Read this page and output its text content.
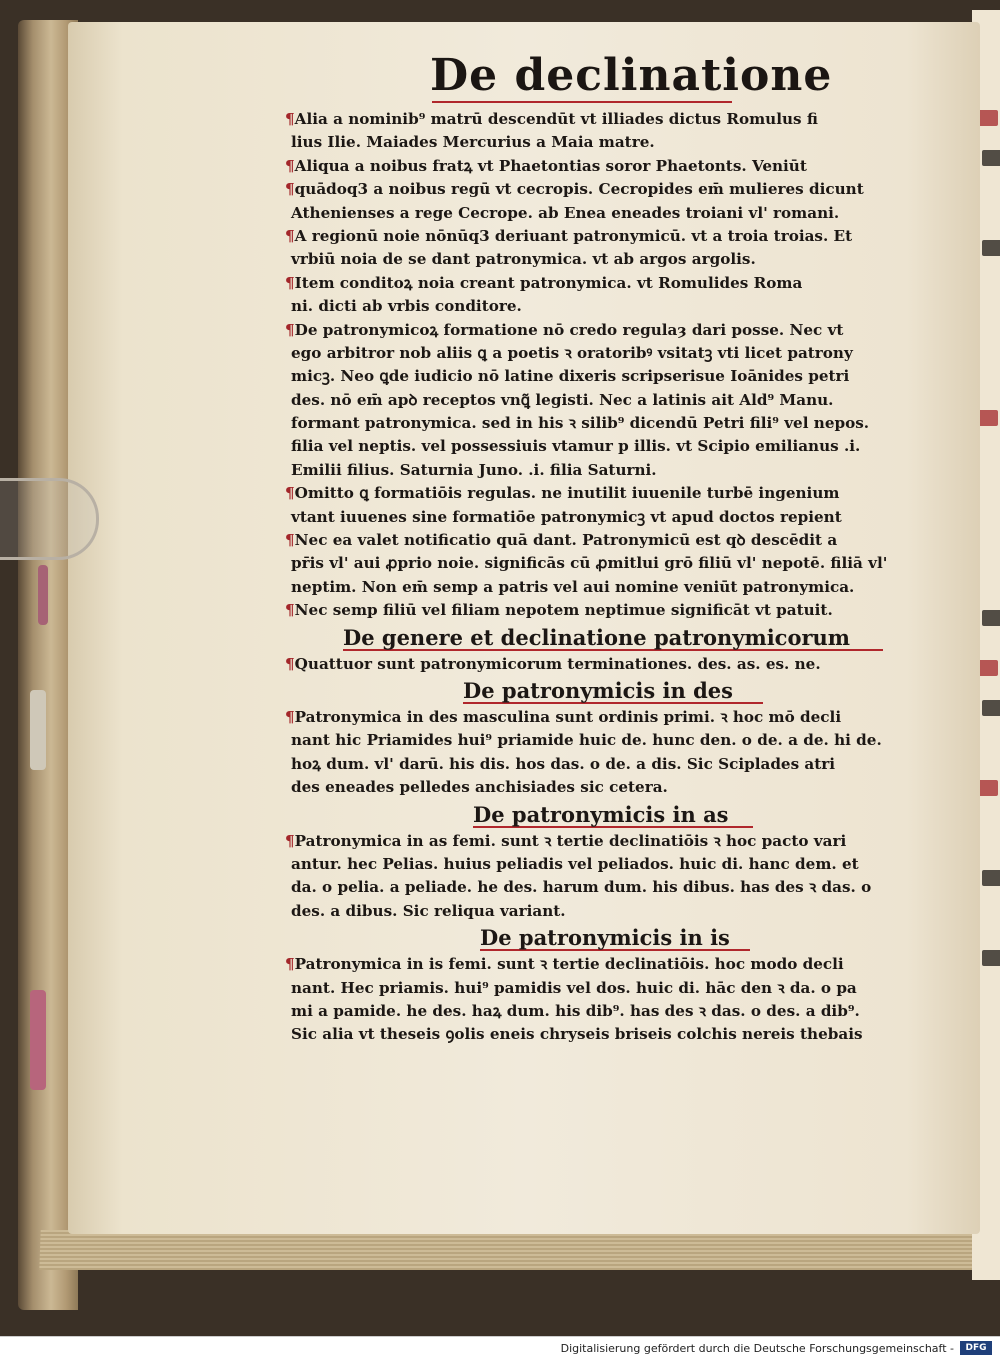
De declinatione
¶Alia a nominib⁹ matrū descendūt vt illiades dictus Romulus fi
lius Ilie. Maiades Mercurius a Maia matre.
¶Aliqua a noibus fratꝝ vt Phaetontias soror Phaetonts. Veniūt
¶quādoq3 a noibus regū vt cecropis. Cecropides em̄ mulieres dicunt
Athenienses a rege Cecrope. ab Enea eneades troiani vl' romani.
¶A regionū noie nōnūq3 deriuant patronymicū. vt a troia troias. Et
vrbiū noia de se dant patronymica. vt ab argos argolis.
¶Item conditoꝝ noia creant patronymica. vt Romulides Roma
ni. dicti ab vrbis conditore.
¶De patronymicoꝝ formatione nō credo regulaȝ dari posse. Nec vt
ego arbitror nob aliis ꝗ a poetis ꝛ oratoribꝰ vsitatꝫ vti licet patrony
micꝫ. Neo ꝗde iudicio nō latine dixeris scripserisue Ioānides petri
des. nō em̄ apꝺ receptos vnꝗ̃ legisti. Nec a latinis ait Ald⁹ Manu.
formant patronymica. sed in his ꝛ silib⁹ dicendū Petri fili⁹ vel nepos.
filia vel neptis. vel possessiuis vtamur p illis. vt Scipio emilianus .i.
Emilii filius. Saturnia Juno. .i. filia Saturni.
¶Omitto ꝗ formatiōis regulas. ne inutilit iuuenile turbē ingenium
vtant iuuenes sine formatiōe patronymicꝫ vt apud doctos repient
¶Nec ea valet notificatio quā dant. Patronymicū est qꝺ descēdit a
pr̄is vl' aui ꝓprio noie. significās cū ꝓmitlui grō filiū vl' nepotē. filiā vl'
neptim. Non em̄ semp a patris vel aui nomine veniūt patronymica.
¶Nec semp filiū vel filiam nepotem neptimue significāt vt patuit.
De genere et declinatione patronymicorum
¶Quattuor sunt patronymicorum terminationes. des. as. es. ne.
De patronymicis in des
¶Patronymica in des masculina sunt ordinis primi. ꝛ hoc mō decli
nant hic Priamides hui⁹ priamide huic de. hunc den. o de. a de. hi de.
hoꝝ dum. vl' darū. his dis. hos das. o de. a dis. Sic Sciplades atri
des eneades pelledes anchisiades sic cetera.
De patronymicis in as
¶Patronymica in as femi. sunt ꝛ tertie declinatiōis ꝛ hoc pacto vari
antur. hec Pelias. huius peliadis vel peliados. huic di. hanc dem. et
da. o pelia. a peliade. he des. harum dum. his dibus. has des ꝛ das. o
des. a dibus. Sic reliqua variant.
De patronymicis in is
¶Patronymica in is femi. sunt ꝛ tertie declinatiōis. hoc modo decli
nant. Hec priamis. hui⁹ pamidis vel dos. huic di. hāc den ꝛ da. o pa
mi a pamide. he des. haꝝ dum. his dib⁹. has des ꝛ das. o des. a dib⁹.
Sic alia vt theseis ꝯolis eneis chryseis briseis colchis nereis thebais
Digitalisierung gefördert durch die Deutsche Forschungsgemeinschaft -	DFG
